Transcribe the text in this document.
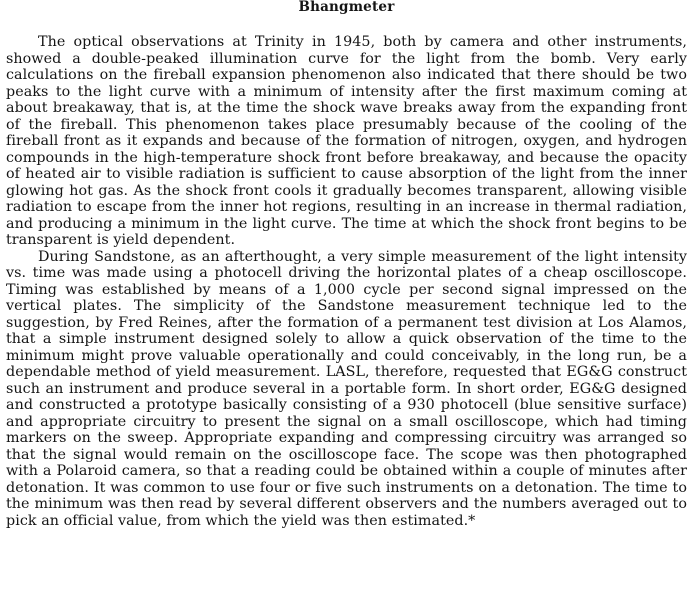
Bhangmeter

The optical observations at Trinity in 1945, both by camera and other instruments, showed a double-peaked illumination curve for the light from the bomb. Very early calculations on the fireball expansion phenomenon also indicated that there should be two peaks to the light curve with a minimum of intensity after the first maximum coming at about breakaway, that is, at the time the shock wave breaks away from the expanding front of the fireball. This phenomenon takes place presumably because of the cooling of the fireball front as it expands and because of the formation of nitrogen, oxygen, and hydrogen compounds in the high-temperature shock front before breakaway, and because the opacity of heated air to visible radiation is sufficient to cause absorption of the light from the inner glowing hot gas. As the shock front cools it gradually becomes transparent, allowing visible radiation to escape from the inner hot regions, resulting in an increase in thermal radiation, and producing a minimum in the light curve. The time at which the shock front begins to be transparent is yield dependent.

During Sandstone, as an afterthought, a very simple measurement of the light intensity vs. time was made using a photocell driving the horizontal plates of a cheap oscilloscope. Timing was established by means of a 1,000 cycle per second signal impressed on the vertical plates. The simplicity of the Sandstone measurement technique led to the suggestion, by Fred Reines, after the formation of a permanent test division at Los Alamos, that a simple instrument designed solely to allow a quick observation of the time to the minimum might prove valuable operationally and could conceivably, in the long run, be a dependable method of yield measurement. LASL, therefore, requested that EG&G construct such an instrument and produce several in a portable form. In short order, EG&G designed and constructed a prototype basically consisting of a 930 photocell (blue sensitive surface) and appropriate circuitry to present the signal on a small oscilloscope, which had timing markers on the sweep. Appropriate expanding and compressing circuitry was arranged so that the signal would remain on the oscilloscope face. The scope was then photographed with a Polaroid camera, so that a reading could be obtained within a couple of minutes after detonation. It was common to use four or five such instruments on a detonation. The time to the minimum was then read by several different observers and the numbers averaged out to pick an official value, from which the yield was then estimated.*
